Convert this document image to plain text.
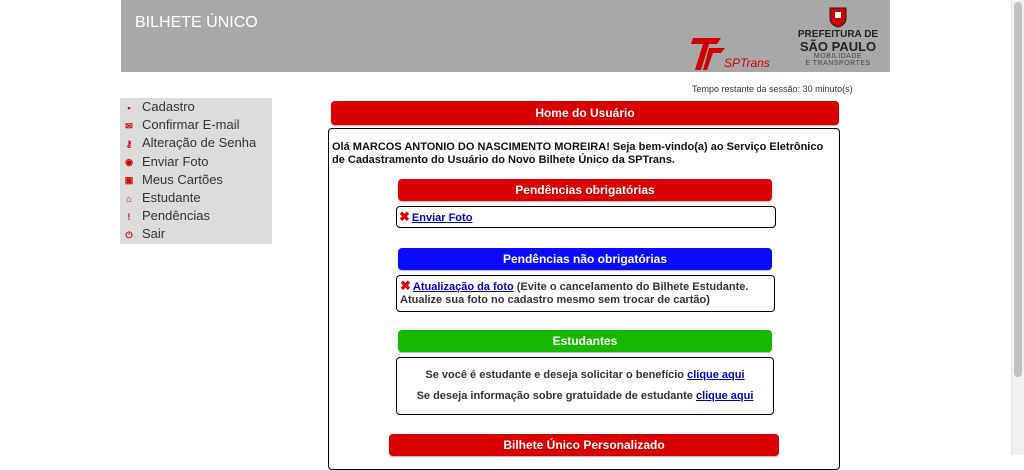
BILHETE ÚNICO
SPTrans
PREFEITURA DE
SÃO PAULO
MOBILIDADE
E TRANSPORTES
Tempo restante da sessão: 30 minuto(s)
▪ Cadastro
✉ Confirmar E-mail
⚷ Alteração de Senha
◉ Enviar Foto
▣ Meus Cartões
⌂ Estudante
! Pendências
⏻ Sair
Home do Usuário
Olá MARCOS ANTONIO DO NASCIMENTO MOREIRA! Seja bem-vindo(a) ao Serviço Eletrônico de Cadastramento do Usuário do Novo Bilhete Único da SPTrans.
Pendências obrigatórias
✖ Enviar Foto
Pendências não obrigatórias
✖ Atualização da foto (Evite o cancelamento do Bilhete Estudante. Atualize sua foto no cadastro mesmo sem trocar de cartão)
Estudantes
Se você é estudante e deseja solicitar o benefício clique aqui
Se deseja informação sobre gratuidade de estudante clique aqui
Bilhete Único Personalizado
